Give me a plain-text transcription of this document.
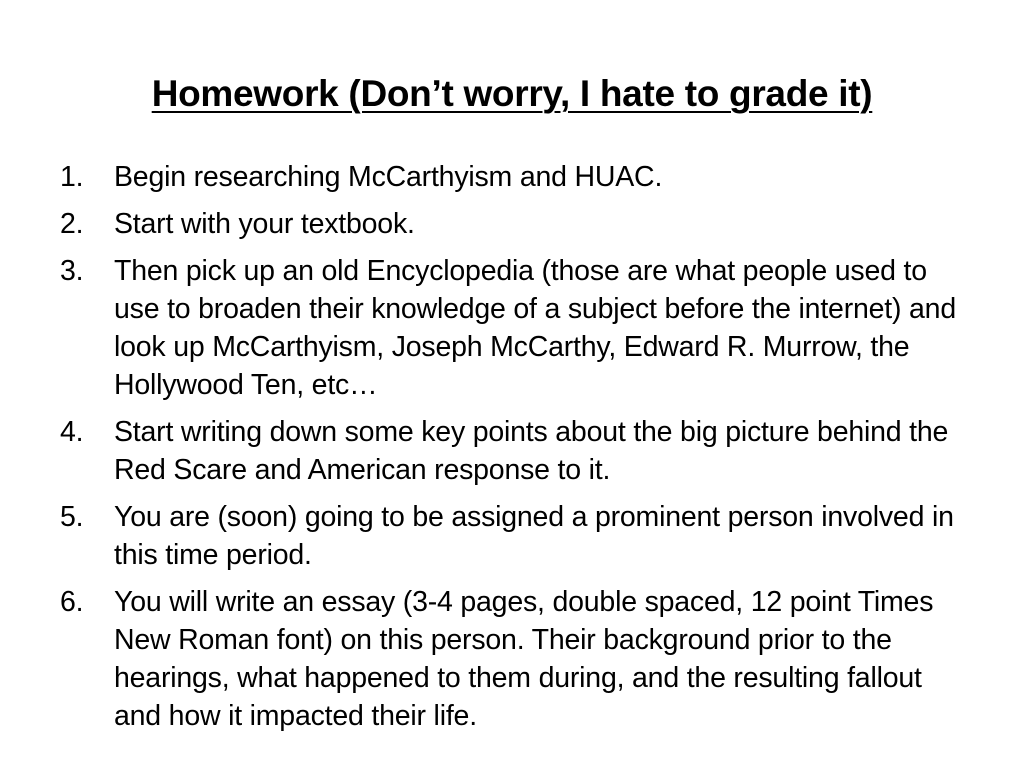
Homework (Don’t worry, I hate to grade it)
1.	Begin researching McCarthyism and HUAC.
2.	Start with your textbook.
3.	Then pick up an old Encyclopedia (those are what people used to use to broaden their knowledge of a subject before the internet) and look up McCarthyism, Joseph McCarthy, Edward R. Murrow, the Hollywood Ten, etc…
4.	Start writing down some key points about the big picture behind the Red Scare and American response to it.
5.	You are (soon) going to be assigned a prominent person involved in this time period.
6.	You will write an essay (3-4 pages, double spaced, 12 point Times New Roman font) on this person. Their background prior to the hearings, what happened to them during, and the resulting fallout and how it impacted their life.
